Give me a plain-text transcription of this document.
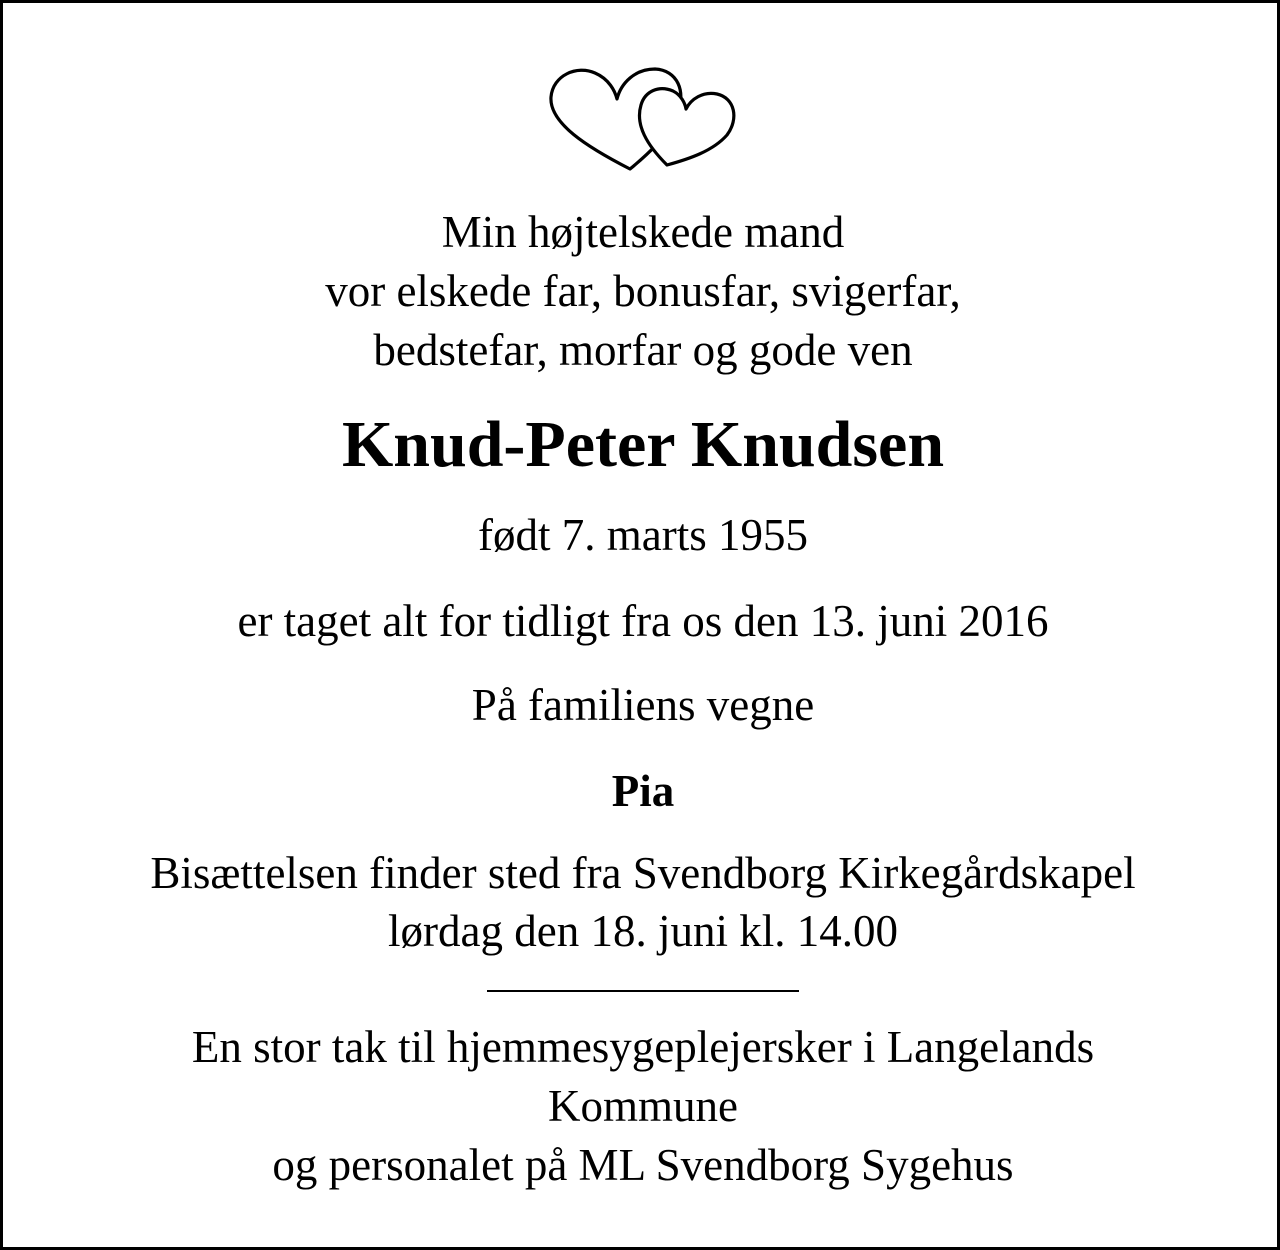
Min højtelskede mand
vor elskede far, bonusfar, svigerfar,
bedstefar, morfar og gode ven
Knud-Peter Knudsen
født 7. marts 1955
er taget alt for tidligt fra os den 13. juni 2016
På familiens vegne
Pia
Bisættelsen finder sted fra Svendborg Kirkegårdskapel
lørdag den 18. juni kl. 14.00
En stor tak til hjemmesygeplejersker i Langelands
Kommune
og personalet på ML Svendborg Sygehus
